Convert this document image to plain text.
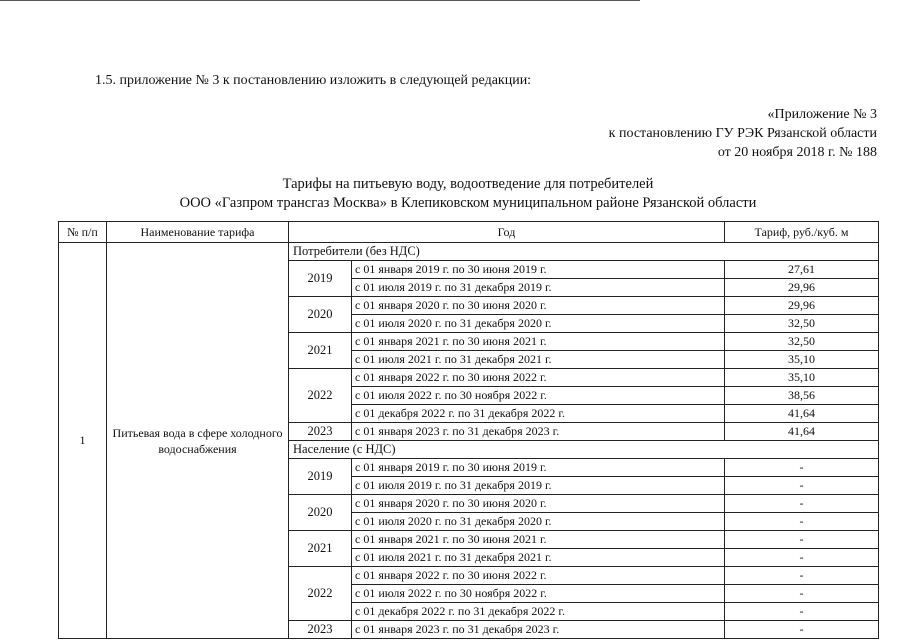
1.5. приложение № 3 к постановлению изложить в следующей редакции:
«Приложение № 3
к постановлению ГУ РЭК Рязанской области
от 20 ноября 2018 г. № 188
Тарифы на питьевую воду, водоотведение для потребителей
ООО «Газпром трансгаз Москва» в Клепиковском муниципальном районе Рязанской области
№ п/п	Наименование тарифа	Год		Тариф, руб./куб. м
1	Питьевая вода в сфере холодного водоснабжения	Потребители (без НДС)		
		2019	с 01 января 2019 г. по 30 июня 2019 г.	27,61
			с 01 июля 2019 г. по 31 декабря 2019 г.	29,96
		2020	с 01 января 2020 г. по 30 июня 2020 г.	29,96
			с 01 июля 2020 г. по 31 декабря 2020 г.	32,50
		2021	с 01 января 2021 г. по 30 июня 2021 г.	32,50
			с 01 июля 2021 г. по 31 декабря 2021 г.	35,10
		2022	с 01 января 2022 г. по 30 июня 2022 г.	35,10
			с 01 июля 2022 г. по 30 ноября 2022 г.	38,56
			с 01 декабря 2022 г. по 31 декабря 2022 г.	41,64
		2023	с 01 января 2023 г. по 31 декабря 2023 г.	41,64
		Население (с НДС)		
		2019	с 01 января 2019 г. по 30 июня 2019 г.	-
			с 01 июля 2019 г. по 31 декабря 2019 г.	-
		2020	с 01 января 2020 г. по 30 июня 2020 г.	-
			с 01 июля 2020 г. по 31 декабря 2020 г.	-
		2021	с 01 января 2021 г. по 30 июня 2021 г.	-
			с 01 июля 2021 г. по 31 декабря 2021 г.	-
		2022	с 01 января 2022 г. по 30 июня 2022 г.	-
			с 01 июля 2022 г. по 30 ноября 2022 г.	-
			с 01 декабря 2022 г. по 31 декабря 2022 г.	-
		2023	с 01 января 2023 г. по 31 декабря 2023 г.	-
